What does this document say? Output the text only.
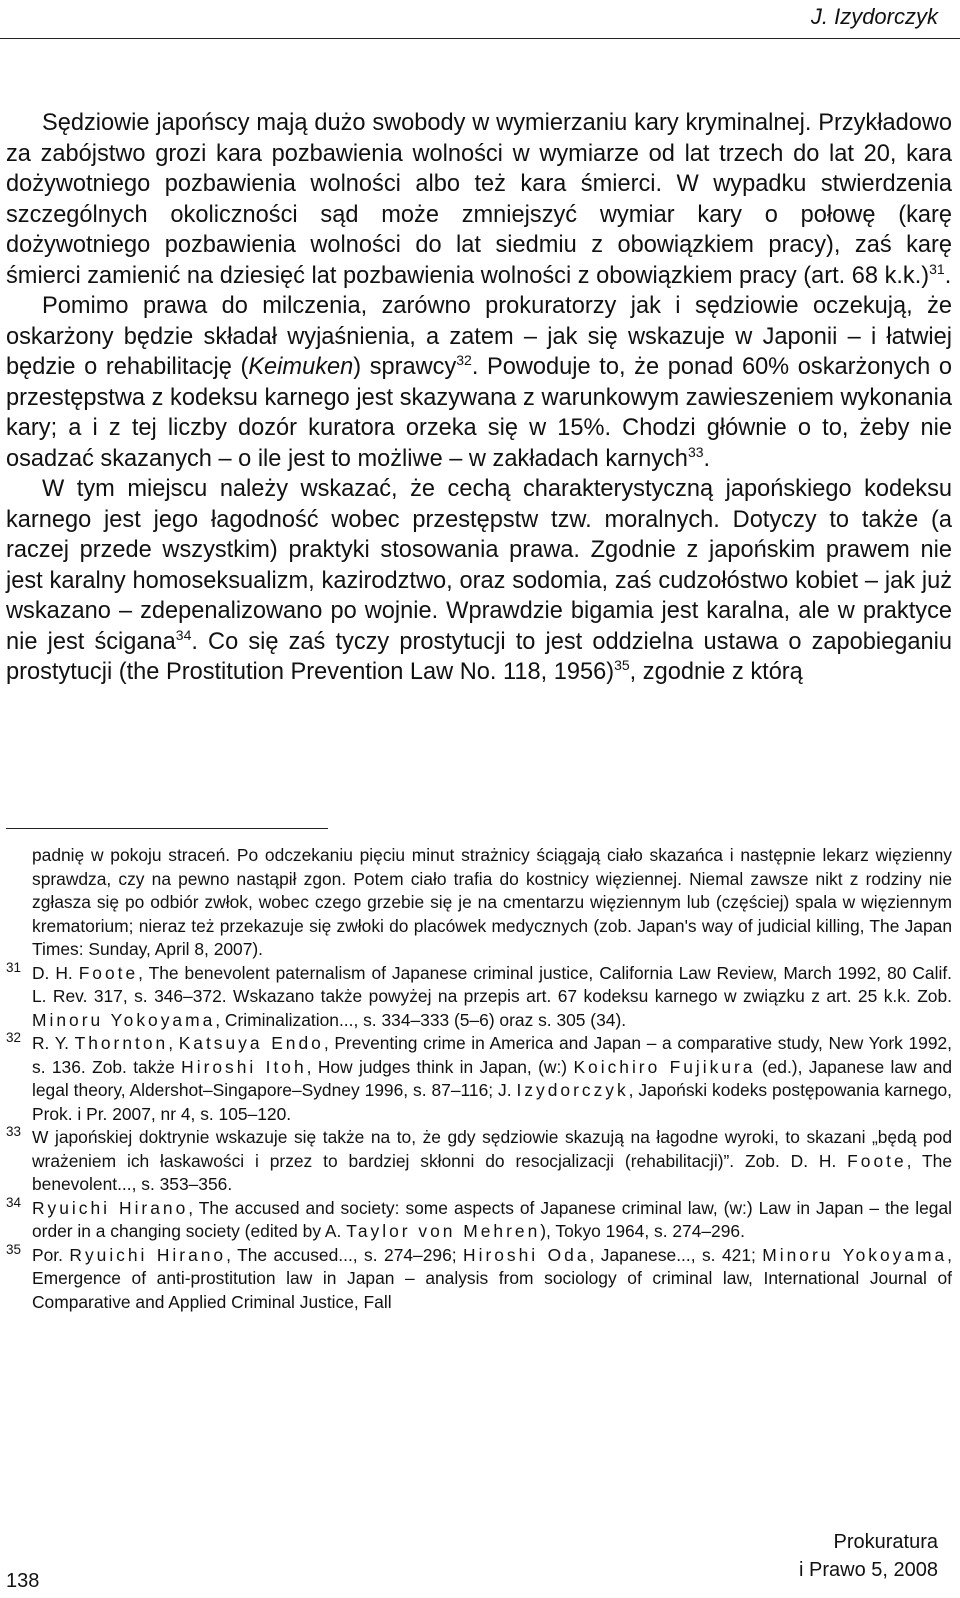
J. Izydorczyk

Sędziowie japońscy mają dużo swobody w wymierzaniu kary kryminalnej. Przykładowo za zabójstwo grozi kara pozbawienia wolności w wymiarze od lat trzech do lat 20, kara dożywotniego pozbawienia wolności albo też kara śmierci. W wypadku stwierdzenia szczególnych okoliczności sąd może zmniejszyć wymiar kary o połowę (karę dożywotniego pozbawienia wolności do lat siedmiu z obowiązkiem pracy), zaś karę śmierci zamienić na dziesięć lat pozbawienia wolności z obowiązkiem pracy (art. 68 k.k.)$^{31}$.

Pomimo prawa do milczenia, zarówno prokuratorzy jak i sędziowie oczekują, że oskarżony będzie składał wyjaśnienia, a zatem – jak się wskazuje w Japonii – i łatwiej będzie o rehabilitację (Keimuken) sprawcy$^{32}$. Powoduje to, że ponad 60% oskarżonych o przestępstwa z kodeksu karnego jest skazywana z warunkowym zawieszeniem wykonania kary; a i z tej liczby dozór kuratora orzeka się w 15%. Chodzi głównie o to, żeby nie osadzać skazanych – o ile jest to możliwe – w zakładach karnych$^{33}$.

W tym miejscu należy wskazać, że cechą charakterystyczną japońskiego kodeksu karnego jest jego łagodność wobec przestępstw tzw. moralnych. Dotyczy to także (a raczej przede wszystkim) praktyki stosowania prawa. Zgodnie z japońskim prawem nie jest karalny homoseksualizm, kazirodztwo, oraz sodomia, zaś cudzołóstwo kobiet – jak już wskazano – zdepenalizowano po wojnie. Wprawdzie bigamia jest karalna, ale w praktyce nie jest ścigana$^{34}$. Co się zaś tyczy prostytucji to jest oddzielna ustawa o zapobieganiu prostytucji (the Prostitution Prevention Law No. 118, 1956)$^{35}$, zgodnie z którą

padnię w pokoju straceń. Po odczekaniu pięciu minut strażnicy ściągają ciało skazańca i następnie lekarz więzienny sprawdza, czy na pewno nastąpił zgon. Potem ciało trafia do kostnicy więziennej. Niemal zawsze nikt z rodziny nie zgłasza się po odbiór zwłok, wobec czego grzebie się je na cmentarzu więziennym lub (częściej) spala w więziennym krematorium; nieraz też przekazuje się zwłoki do placówek medycznych (zob. Japan's way of judicial killing, The Japan Times: Sunday, April 8, 2007).
31 D. H. Foote, The benevolent paternalism of Japanese criminal justice, California Law Review, March 1992, 80 Calif. L. Rev. 317, s. 346–372. Wskazano także powyżej na przepis art. 67 kodeksu karnego w związku z art. 25 k.k. Zob. Minoru Yokoyama, Criminalization..., s. 334–333 (5–6) oraz s. 305 (34).
32 R. Y. Thornton, Katsuya Endo, Preventing crime in America and Japan – a comparative study, New York 1992, s. 136. Zob. także Hiroshi Itoh, How judges think in Japan, (w:) Koichiro Fujikura (ed.), Japanese law and legal theory, Aldershot–Singapore–Sydney 1996, s. 87–116; J. Izydorczyk, Japoński kodeks postępowania karnego, Prok. i Pr. 2007, nr 4, s. 105–120.
33 W japońskiej doktrynie wskazuje się także na to, że gdy sędziowie skazują na łagodne wyroki, to skazani „będą pod wrażeniem ich łaskawości i przez to bardziej skłonni do resocjalizacji (rehabilitacji)”. Zob. D. H. Foote, The benevolent..., s. 353–356.
34 Ryuichi Hirano, The accused and society: some aspects of Japanese criminal law, (w:) Law in Japan – the legal order in a changing society (edited by A. Taylor von Mehren), Tokyo 1964, s. 274–296.
35 Por. Ryuichi Hirano, The accused..., s. 274–296; Hiroshi Oda, Japanese..., s. 421; Minoru Yokoyama, Emergence of anti-prostitution law in Japan – analysis from sociology of criminal law, International Journal of Comparative and Applied Criminal Justice, Fall
Prokuratura
i Prawo 5, 2008
138
